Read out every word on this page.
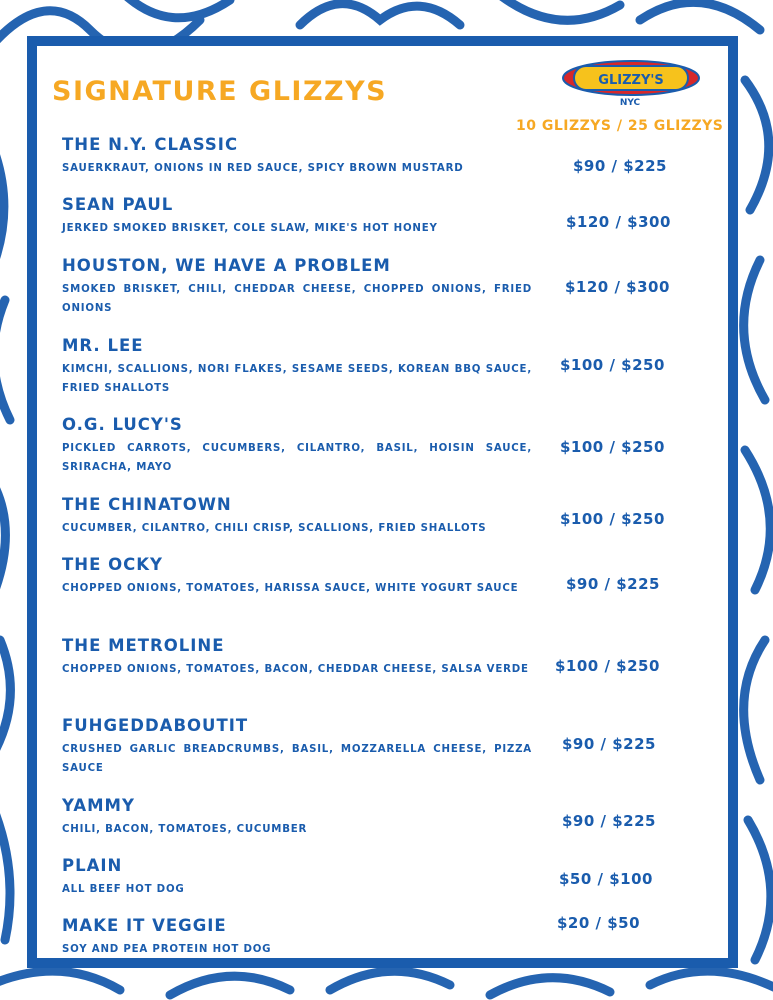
SIGNATURE GLIZZYS	GLIZZY'S
NYC
10 GLIZZYS / 25 GLIZZYS
THE N.Y. CLASSIC
SAUERKRAUT, ONIONS IN RED SAUCE, SPICY BROWN MUSTARD	$90 / $225
SEAN PAUL
JERKED SMOKED BRISKET, COLE SLAW, MIKE'S HOT HONEY	$120 / $300
HOUSTON, WE HAVE A PROBLEM
SMOKED BRISKET, CHILI, CHEDDAR CHEESE, CHOPPED ONIONS, FRIED ONIONS
$120 / $300
MR. LEE
KIMCHI, SCALLIONS, NORI FLAKES, SESAME SEEDS, KOREAN BBQ SAUCE, FRIED SHALLOTS
$100 / $250
O.G. LUCY'S
PICKLED CARROTS, CUCUMBERS, CILANTRO, BASIL, HOISIN SAUCE, SRIRACHA, MAYO
$100 / $250
THE CHINATOWN
CUCUMBER, CILANTRO, CHILI CRISP, SCALLIONS, FRIED SHALLOTS
$100 / $250
THE OCKY
CHOPPED ONIONS, TOMATOES, HARISSA SAUCE, WHITE YOGURT SAUCE	$90 / $225
THE METROLINE
CHOPPED ONIONS, TOMATOES, BACON, CHEDDAR CHEESE, SALSA VERDE $100 / $250
FUHGEDDABOUTIT
CRUSHED GARLIC BREADCRUMBS, BASIL, MOZZARELLA CHEESE, PIZZA SAUCE
$90 / $225
YAMMY
CHILI, BACON, TOMATOES, CUCUMBER	$90 / $225
PLAIN
ALL BEEF HOT DOG
$50 / $100
MAKE IT VEGGIE
SOY AND PEA PROTEIN HOT DOG
$20 / $50
